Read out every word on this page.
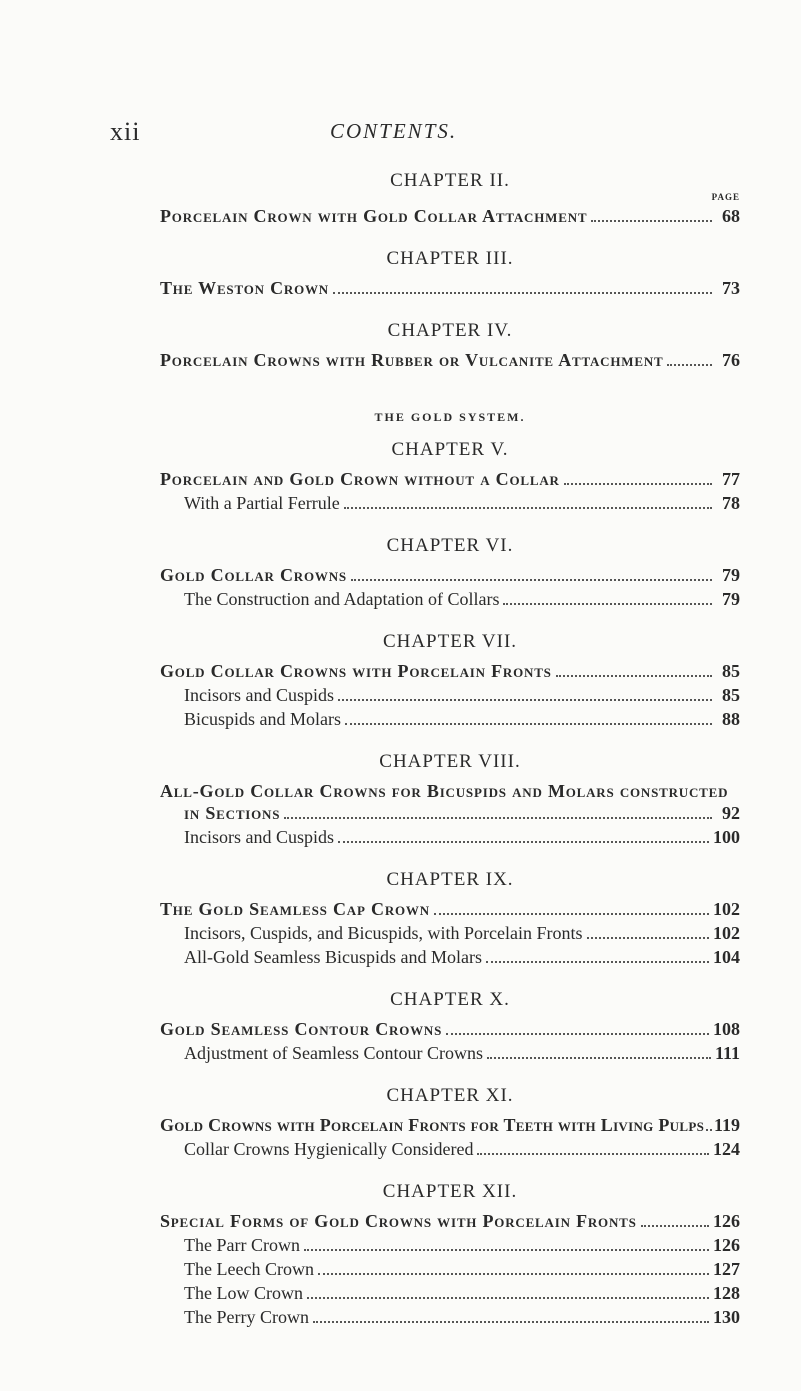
xii	CONTENTS.
CHAPTER II.
PAGE
Porcelain Crown with Gold Collar Attachment	68
CHAPTER III.
The Weston Crown	73
CHAPTER IV.
Porcelain Crowns with Rubber or Vulcanite Attachment	76
THE GOLD SYSTEM.
CHAPTER V.
Porcelain and Gold Crown without a Collar	77
With a Partial Ferrule	78
CHAPTER VI.
Gold Collar Crowns	79
The Construction and Adaptation of Collars	79
CHAPTER VII.
Gold Collar Crowns with Porcelain Fronts	85
Incisors and Cuspids	85
Bicuspids and Molars	88
CHAPTER VIII.
All-Gold Collar Crowns for Bicuspids and Molars constructed
in Sections	92
Incisors and Cuspids	100
CHAPTER IX.
The Gold Seamless Cap Crown	102
Incisors, Cuspids, and Bicuspids, with Porcelain Fronts	102
All-Gold Seamless Bicuspids and Molars	104
CHAPTER X.
Gold Seamless Contour Crowns	108
Adjustment of Seamless Contour Crowns	111
CHAPTER XI.
Gold Crowns with Porcelain Fronts for Teeth with Living Pulps 119
Collar Crowns Hygienically Considered	124
CHAPTER XII.
Special Forms of Gold Crowns with Porcelain Fronts	126
The Parr Crown	126
The Leech Crown	127
The Low Crown	128
The Perry Crown	130
